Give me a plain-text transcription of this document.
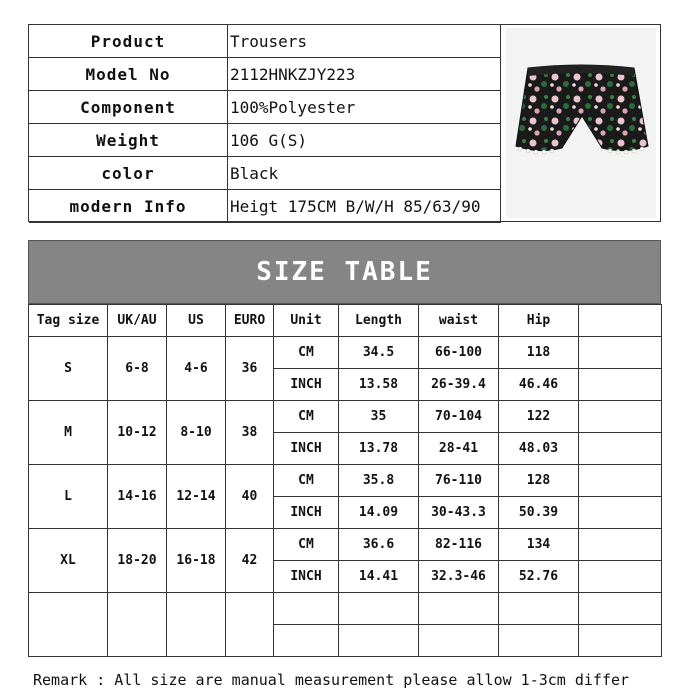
Product	Trousers
Model No	2112HNKZJY223
Component	100%Polyester
Weight	106 G(S)
color	Black
modern Info	Heigt 175CM B/W/H 85/63/90
SIZE TABLE
Tag size	UK/AU	US	EURO	Unit	Length	waist	Hip	
S	6-8	4-6	36	CM	34.5	66-100	118	
				INCH	13.58	26-39.4	46.46	
M	10-12	8-10	38	CM	35	70-104	122	
				INCH	13.78	28-41	48.03	
L	14-16	12-14	40	CM	35.8	76-110	128	
				INCH	14.09	30-43.3	50.39	
XL	18-20	16-18	42	CM	36.6	82-116	134	
				INCH	14.41	32.3-46	52.76	

Remark : All size are manual measurement please allow 1-3cm differ
